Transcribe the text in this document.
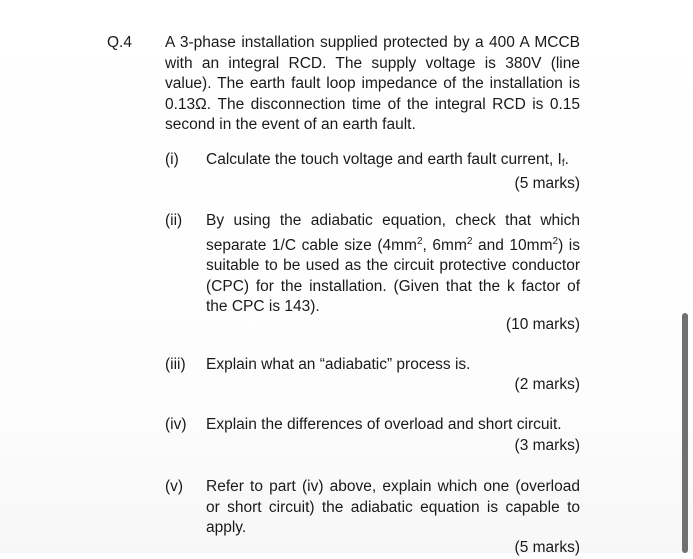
Q.4 A 3-phase installation supplied protected by a 400 A MCCB
with an integral RCD. The supply voltage is 380V (line
value). The earth fault loop impedance of the installation is
0.13Ω. The disconnection time of the integral RCD is 0.15
second in the event of an earth fault.
(i) Calculate the touch voltage and earth fault current, $I_f$.
(5 marks)
(ii) By using the adiabatic equation, check that which
separate 1/C cable size ($4mm^2$, $6mm^2$ and $10mm^2$) is
suitable to be used as the circuit protective conductor
(CPC) for the installation. (Given that the k factor of
the CPC is 143).
(10 marks)
(iii) Explain what an “adiabatic” process is.
(2 marks)
(iv) Explain the differences of overload and short circuit.
(3 marks)
(v) Refer to part (iv) above, explain which one (overload
or short circuit) the adiabatic equation is capable to
apply.
(5 marks)
